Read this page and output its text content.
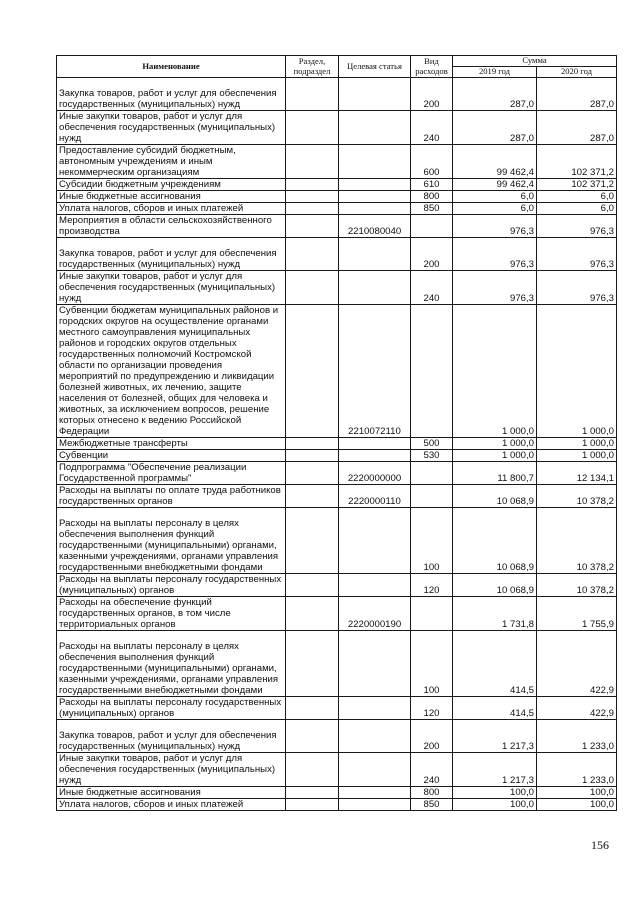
Наименование	Раздел, подраздел	Целевая статья	Вид расходов	Сумма	
				2019 год	2020 год
Закупка товаров, работ и услуг для обеспечения государственных (муниципальных) нужд			200	287,0	287,0
Иные закупки товаров, работ и услуг для обеспечения государственных (муниципальных) нужд			240	287,0	287,0
Предоставление субсидий бюджетным, автономным учреждениям и иным некоммерческим организациям			600	99 462,4	102 371,2
Субсидии бюджетным учреждениям			610	99 462,4	102 371,2
Иные бюджетные ассигнования			800	6,0	6,0
Уплата налогов, сборов и иных платежей			850	6,0	6,0
Мероприятия в области сельскохозяйственного производства		2210080040		976,3	976,3
Закупка товаров, работ и услуг для обеспечения государственных (муниципальных) нужд			200	976,3	976,3
Иные закупки товаров, работ и услуг для обеспечения государственных (муниципальных) нужд			240	976,3	976,3
Субвенции бюджетам муниципальных районов и городских округов на осуществление органами местного самоуправления муниципальных районов и городских округов отдельных государственных полномочий Костромской области по организации проведения мероприятий по предупреждению и ликвидации болезней животных, их лечению, защите населения от болезней, общих для человека и животных, за исключением вопросов, решение которых отнесено к ведению Российской Федерации		2210072110		1 000,0	1 000,0
Межбюджетные трансферты			500	1 000,0	1 000,0
Субвенции			530	1 000,0	1 000,0
Подпрограмма "Обеспечение реализации Государственной программы"		2220000000		11 800,7	12 134,1
Расходы на выплаты по оплате труда работников государственных органов		2220000110		10 068,9	10 378,2
Расходы на выплаты персоналу в целях обеспечения выполнения функций государственными (муниципальными) органами, казенными учреждениями, органами управления государственными внебюджетными фондами			100	10 068,9	10 378,2
Расходы на выплаты персоналу государственных (муниципальных) органов			120	10 068,9	10 378,2
Расходы на обеспечение функций государственных органов, в том числе территориальных органов		2220000190		1 731,8	1 755,9
Расходы на выплаты персоналу в целях обеспечения выполнения функций государственными (муниципальными) органами, казенными учреждениями, органами управления государственными внебюджетными фондами			100	414,5	422,9
Расходы на выплаты персоналу государственных (муниципальных) органов			120	414,5	422,9
Закупка товаров, работ и услуг для обеспечения государственных (муниципальных) нужд			200	1 217,3	1 233,0
Иные закупки товаров, работ и услуг для обеспечения государственных (муниципальных) нужд			240	1 217,3	1 233,0
Иные бюджетные ассигнования			800	100,0	100,0
Уплата налогов, сборов и иных платежей			850	100,0	100,0
156
